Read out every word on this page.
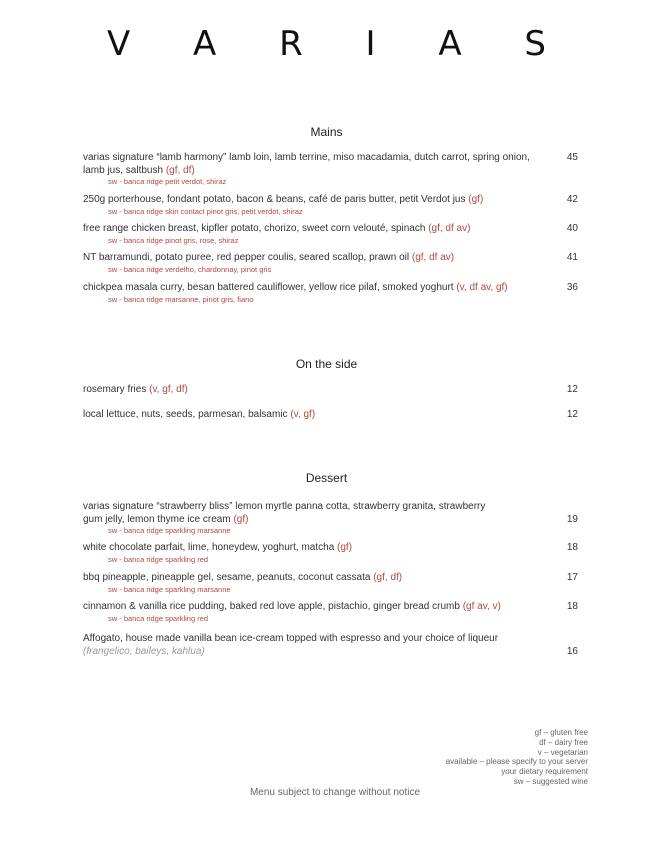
V A R I A S
Mains
45
varias signature “lamb harmony” lamb loin, lamb terrine, miso macadamia, dutch carrot, spring onion, lamb jus, saltbush (gf, df)
sw - banca ridge petit verdot, shiraz
42
250g porterhouse, fondant potato, bacon & beans, café de paris butter, petit Verdot jus (gf)
sw - banca ridge skin contact pinot gris, petit verdot, shiraz
40
free range chicken breast, kipfler potato, chorizo, sweet corn velouté, spinach (gf, df av)
sw - banca ridge pinot gris, rose, shiraz
41
NT barramundi, potato puree, red pepper coulis, seared scallop, prawn oil (gf, df av)
sw - banca ridge verdelho, chardonnay, pinot gris
36
chickpea masala curry, besan battered cauliflower, yellow rice pilaf, smoked yoghurt (v, df av, gf)
sw - banca ridge marsanne, pinot gris, fiano
On the side
12
rosemary fries (v, gf, df)
12
local lettuce, nuts, seeds, parmesan, balsamic (v, gf)
Dessert
19
varias signature “strawberry bliss” lemon myrtle panna cotta, strawberry granita, strawberry gum jelly, lemon thyme ice cream (gf)
sw - banca ridge sparkling marsanne
18
white chocolate parfait, lime, honeydew, yoghurt, matcha (gf)
sw - banca ridge sparkling red
17
bbq pineapple, pineapple gel, sesame, peanuts, coconut cassata (gf, df)
sw - banca ridge sparkling marsanne
18
cinnamon & vanilla rice pudding, baked red love apple, pistachio, ginger bread crumb (gf av, v)
sw - banca ridge sparkling red
16
Affogato, house made vanilla bean ice-cream topped with espresso and your choice of liqueur
(frangelico, baileys, kahlua)
gf – gluten free
df – dairy free
v – vegetarian
available – please specify to your server
your dietary requirement
sw – suggested wine
Menu subject to change without notice
